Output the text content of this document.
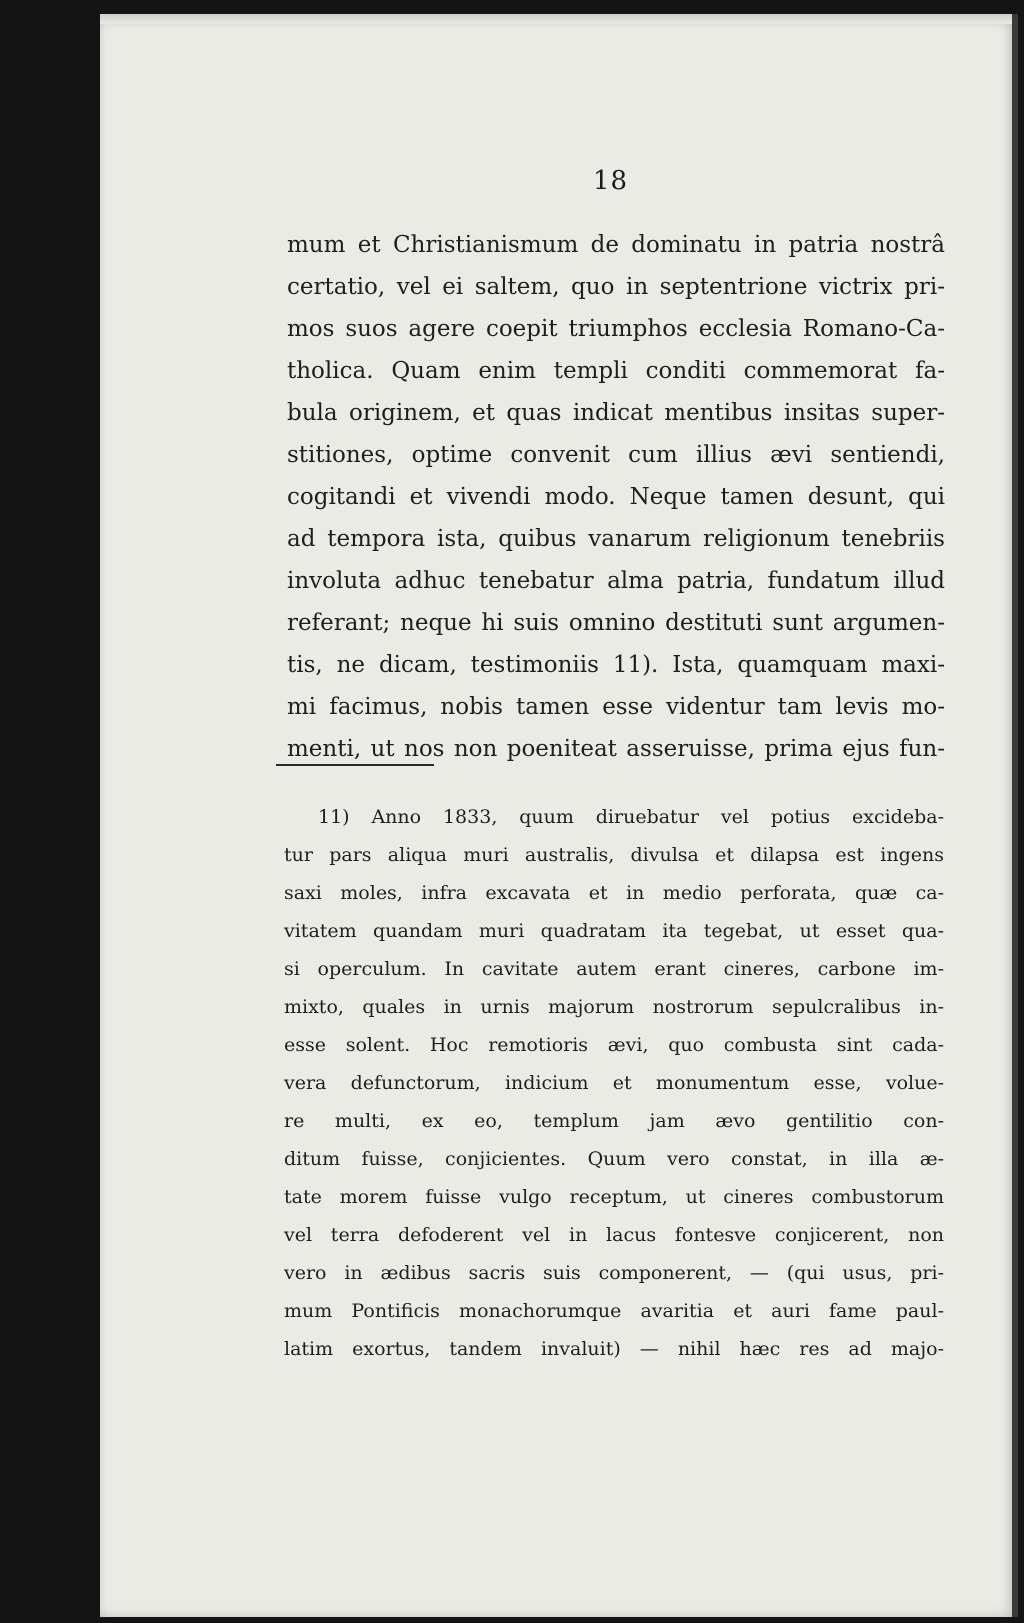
18
mum et Christianismum de dominatu in patria nostrâ
certatio, vel ei saltem, quo in septentrione victrix pri-
mos suos agere coepit triumphos ecclesia Romano-Ca-
tholica. Quam enim templi conditi commemorat fa-
bula originem, et quas indicat mentibus insitas super-
stitiones, optime convenit cum illius ævi sentiendi,
cogitandi et vivendi modo. Neque tamen desunt, qui
ad tempora ista, quibus vanarum religionum tenebriis
involuta adhuc tenebatur alma patria, fundatum illud
referant; neque hi suis omnino destituti sunt argumen-
tis, ne dicam, testimoniis 11). Ista, quamquam maxi-
mi facimus, nobis tamen esse videntur tam levis mo-
menti, ut nos non poeniteat asseruisse, prima ejus fun-
11) Anno 1833, quum diruebatur vel potius excideba-
tur pars aliqua muri australis, divulsa et dilapsa est ingens
saxi moles, infra excavata et in medio perforata, quæ ca-
vitatem quandam muri quadratam ita tegebat, ut esset qua-
si operculum. In cavitate autem erant cineres, carbone im-
mixto, quales in urnis majorum nostrorum sepulcralibus in-
esse solent. Hoc remotioris ævi, quo combusta sint cada-
vera defunctorum, indicium et monumentum esse, volue-
re multi, ex eo, templum jam ævo gentilitio con-
ditum fuisse, conjicientes. Quum vero constat, in illa æ-
tate morem fuisse vulgo receptum, ut cineres combustorum
vel terra defoderent vel in lacus fontesve conjicerent, non
vero in ædibus sacris suis componerent, — (qui usus, pri-
mum Pontificis monachorumque avaritia et auri fame paul-
latim exortus, tandem invaluit) — nihil hæc res ad majo-
